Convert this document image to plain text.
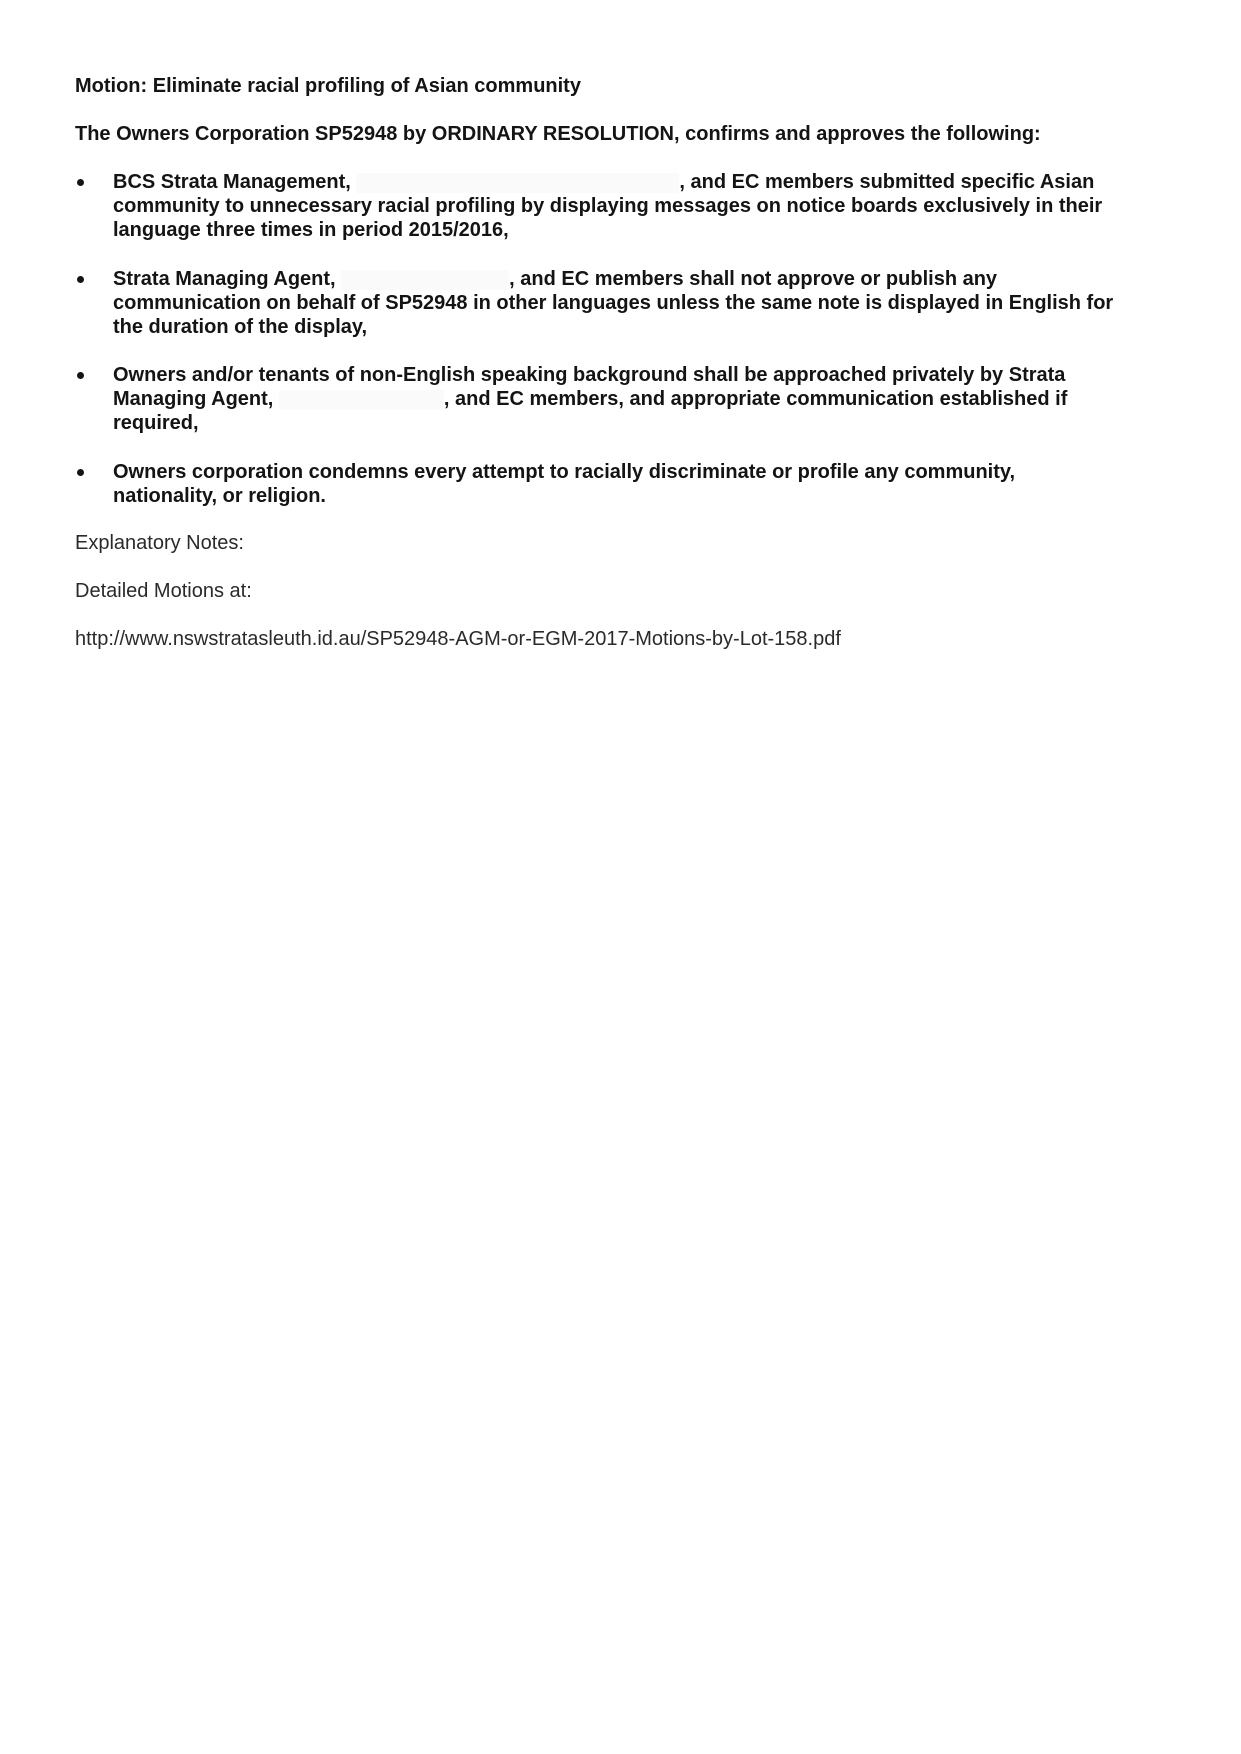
Motion: Eliminate racial profiling of Asian community

The Owners Corporation SP52948 by ORDINARY RESOLUTION, confirms and approves the following:

BCS Strata Management,	, and EC members submitted specific Asian
community to unnecessary racial profiling by displaying messages on notice boards exclusively in their
language three times in period 2015/2016,
Strata Managing Agent,	, and EC members shall not approve or publish any
communication on behalf of SP52948 in other languages unless the same note is displayed in English for
the duration of the display,
Owners and/or tenants of non-English speaking background shall be approached privately by Strata
Managing Agent,	, and EC members, and appropriate communication established if
required,
Owners corporation condemns every attempt to racially discriminate or profile any community,
nationality, or religion.

Explanatory Notes:

Detailed Motions at:

http://www.nswstratasleuth.id.au/SP52948-AGM-or-EGM-2017-Motions-by-Lot-158.pdf
